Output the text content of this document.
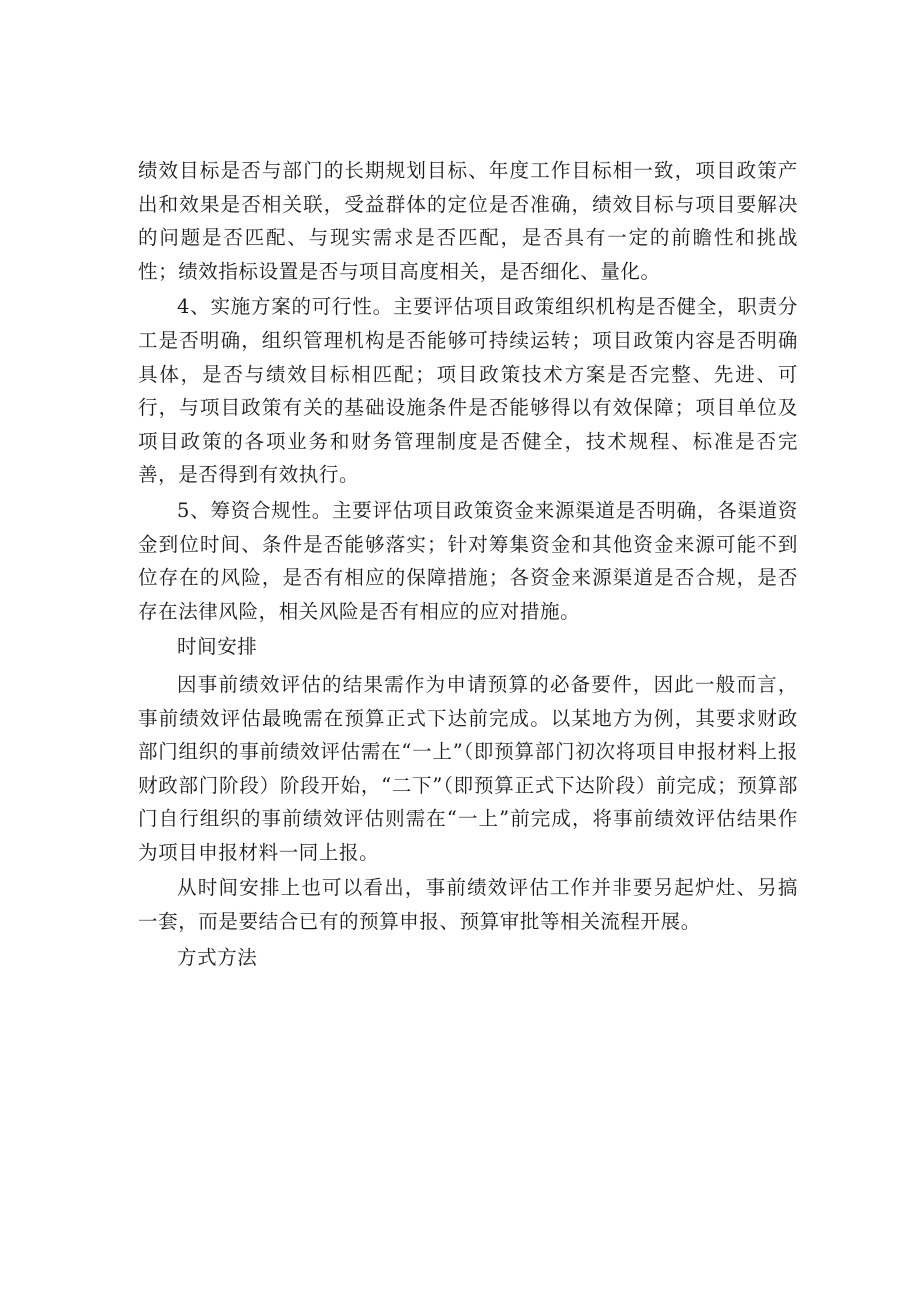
绩效目标是否与部门的长期规划目标、年度工作目标相一致，项目政策产出和效果是否相关联，受益群体的定位是否准确，绩效目标与项目要解决的问题是否匹配、与现实需求是否匹配，是否具有一定的前瞻性和挑战性；绩效指标设置是否与项目高度相关，是否细化、量化。

4、实施方案的可行性。主要评估项目政策组织机构是否健全，职责分工是否明确，组织管理机构是否能够可持续运转；项目政策内容是否明确具体，是否与绩效目标相匹配；项目政策技术方案是否完整、先进、可行，与项目政策有关的基础设施条件是否能够得以有效保障；项目单位及项目政策的各项业务和财务管理制度是否健全，技术规程、标准是否完善，是否得到有效执行。

5、筹资合规性。主要评估项目政策资金来源渠道是否明确，各渠道资金到位时间、条件是否能够落实；针对筹集资金和其他资金来源可能不到位存在的风险，是否有相应的保障措施；各资金来源渠道是否合规，是否存在法律风险，相关风险是否有相应的应对措施。

时间安排

因事前绩效评估的结果需作为申请预算的必备要件，因此一般而言，事前绩效评估最晚需在预算正式下达前完成。以某地方为例，其要求财政部门组织的事前绩效评估需在“一上”（即预算部门初次将项目申报材料上报财政部门阶段）阶段开始，“二下”（即预算正式下达阶段）前完成；预算部门自行组织的事前绩效评估则需在“一上”前完成，将事前绩效评估结果作为项目申报材料一同上报。

从时间安排上也可以看出，事前绩效评估工作并非要另起炉灶、另搞一套，而是要结合已有的预算申报、预算审批等相关流程开展。

方式方法
